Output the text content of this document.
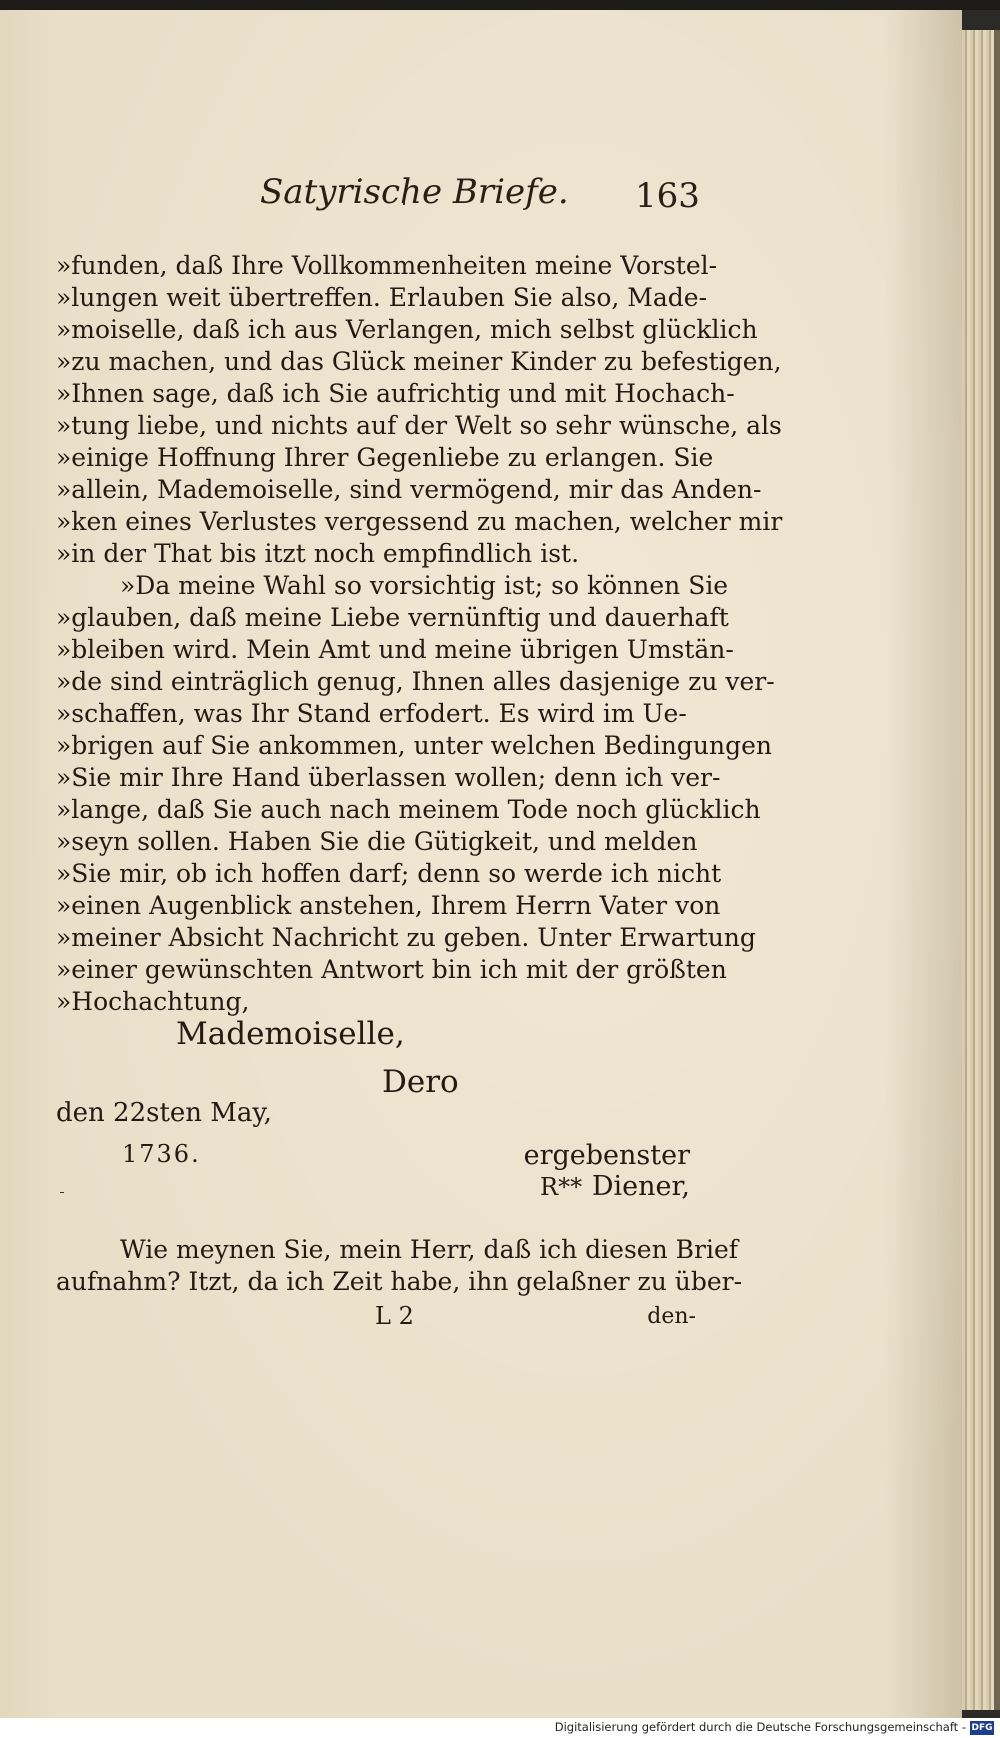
Satyrische Briefe.	163
»funden, daß Ihre Vollkommenheiten meine Vorstel-
»lungen weit übertreffen. Erlauben Sie also, Made-
»moiselle, daß ich aus Verlangen, mich selbst glücklich
»zu machen, und das Glück meiner Kinder zu befestigen,
»Ihnen sage, daß ich Sie aufrichtig und mit Hochach-
»tung liebe, und nichts auf der Welt so sehr wünsche, als
»einige Hoffnung Ihrer Gegenliebe zu erlangen. Sie
»allein, Mademoiselle, sind vermögend, mir das Anden-
»ken eines Verlustes vergessend zu machen, welcher mir
»in der That bis itzt noch empfindlich ist.
»Da meine Wahl so vorsichtig ist; so können Sie
»glauben, daß meine Liebe vernünftig und dauerhaft
»bleiben wird. Mein Amt und meine übrigen Umstän-
»de sind einträglich genug, Ihnen alles dasjenige zu ver-
»schaffen, was Ihr Stand erfodert. Es wird im Ue-
»brigen auf Sie ankommen, unter welchen Bedingungen
»Sie mir Ihre Hand überlassen wollen; denn ich ver-
»lange, daß Sie auch nach meinem Tode noch glücklich
»seyn sollen. Haben Sie die Gütigkeit, und melden
»Sie mir, ob ich hoffen darf; denn so werde ich nicht
»einen Augenblick anstehen, Ihrem Herrn Vater von
»meiner Absicht Nachricht zu geben. Unter Erwartung
»einer gewünschten Antwort bin ich mit der größten
»Hochachtung,
Mademoiselle,
Dero
den 22sten May,
1736.	ergebenster Diener,
R**
Wie meynen Sie, mein Herr, daß ich diesen Brief
aufnahm? Itzt, da ich Zeit habe, ihn gelaßner zu über-
L 2	den-
Digitalisierung gefördert durch die Deutsche Forschungsgemeinschaft - DFG
